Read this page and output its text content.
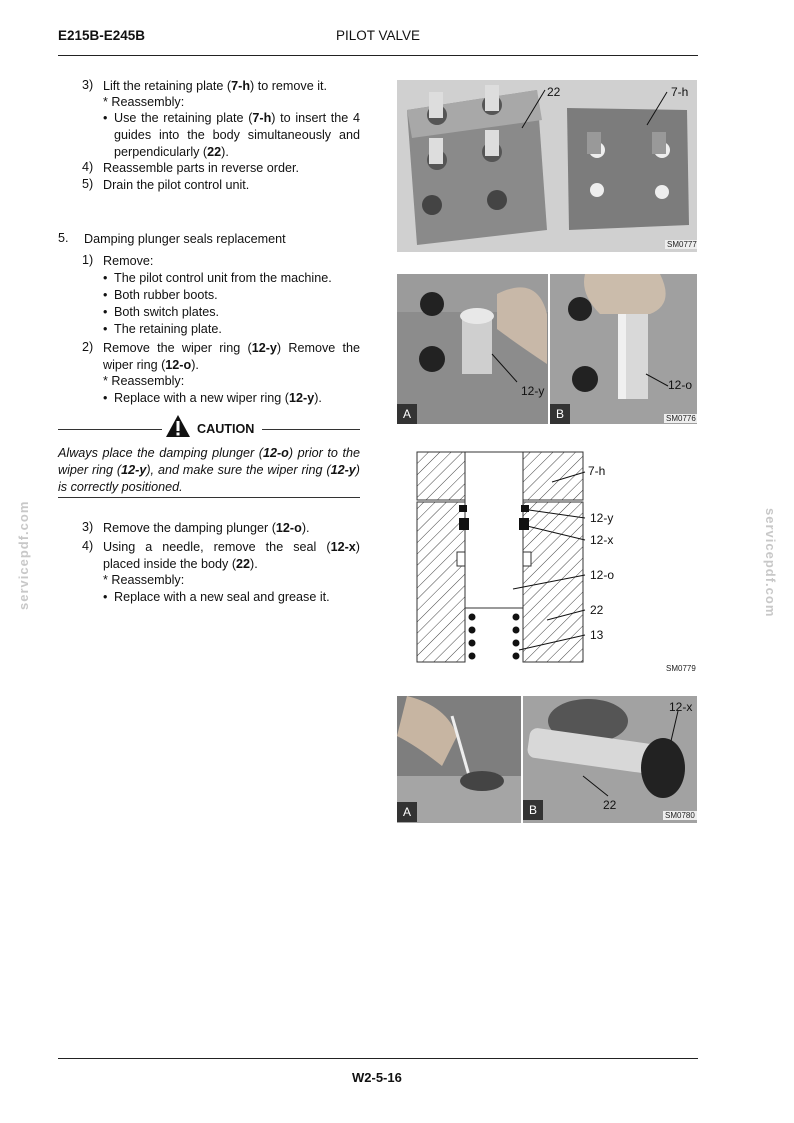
E215B-E245B	PILOT VALVE
3) Lift the retaining plate (7-h) to remove it.
* Reassembly:
• Use the retaining plate (7-h) to insert the 4 guides into the body simultaneously and perpendicularly (22).
4) Reassemble parts in reverse order.
5) Drain the pilot control unit.
5. Damping plunger seals replacement
1) Remove:
• The pilot control unit from the machine.
• Both rubber boots.
• Both switch plates.
• The retaining plate.
2) Remove the wiper ring (12-y) Remove the wiper ring (12-o).
* Reassembly:
• Replace with a new wiper ring (12-y).
CAUTION
Always place the damping plunger (12-o) prior to the wiper ring (12-y), and make sure the wiper ring (12-y) is correctly positioned.
3) Remove the damping plunger (12-o).
4) Using a needle, remove the seal (12-x) placed inside the body (22).
* Reassembly:
• Replace with a new seal and grease it.
22	7-h
SM0777
12-y
A
12-o
B	SM0776
7-h
12-y
12-x
12-o
22
13
SM0779
A
12-x
22
B	SM0780
servicepdf.com	servicepdf.com
W2-5-16
